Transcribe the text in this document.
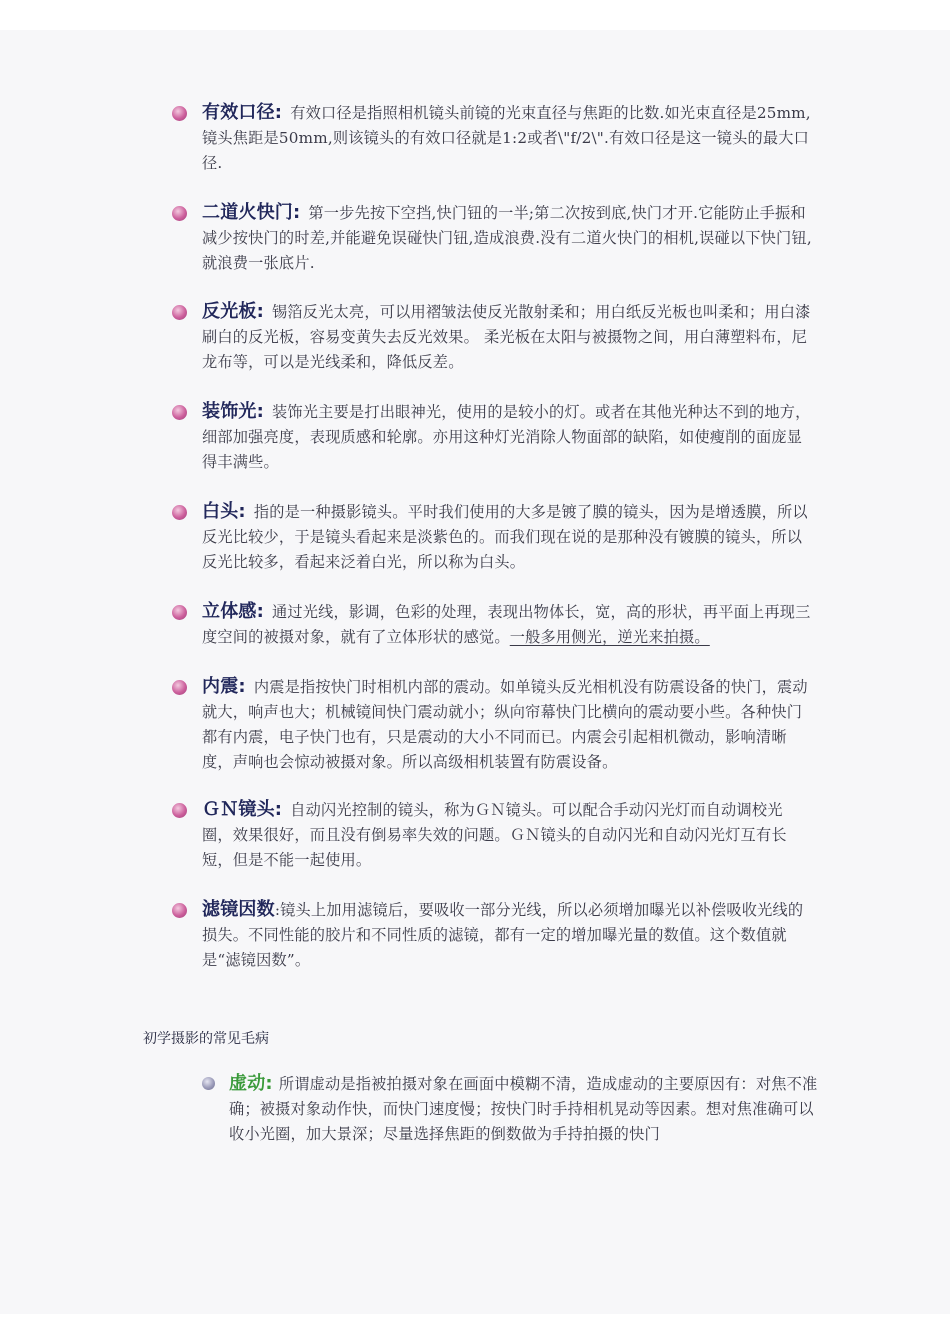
有效口径: 有效口径是指照相机镜头前镜的光束直径与焦距的比数.如光束直径是25mm,镜头焦距是50mm,则该镜头的有效口径就是1:2或者\"f/2\".有效口径是这一镜头的最大口径.
二道火快门: 第一步先按下空挡,快门钮的一半;第二次按到底,快门才开.它能防止手振和减少按快门的时差,并能避免误碰快门钮,造成浪费.没有二道火快门的相机,误碰以下快门钮,就浪费一张底片.
反光板: 锡箔反光太亮，可以用褶皱法使反光散射柔和；用白纸反光板也叫柔和；用白漆刷白的反光板，容易变黄失去反光效果。 柔光板在太阳与被摄物之间，用白薄塑料布，尼龙布等，可以是光线柔和，降低反差。
装饰光: 装饰光主要是打出眼神光，使用的是较小的灯。或者在其他光种达不到的地方，细部加强亮度，表现质感和轮廓。亦用这种灯光消除人物面部的缺陷，如使瘦削的面庞显得丰满些。
白头: 指的是一种摄影镜头。平时我们使用的大多是镀了膜的镜头，因为是增透膜，所以反光比较少，于是镜头看起来是淡紫色的。而我们现在说的是那种没有镀膜的镜头，所以反光比较多，看起来泛着白光，所以称为白头。
立体感: 通过光线，影调，色彩的处理，表现出物体长，宽，高的形状，再平面上再现三度空间的被摄对象，就有了立体形状的感觉。一般多用侧光，逆光来拍摄。
内震: 内震是指按快门时相机内部的震动。如单镜头反光相机没有防震设备的快门，震动就大，响声也大；机械镜间快门震动就小；纵向帘幕快门比横向的震动要小些。各种快门都有内震，电子快门也有，只是震动的大小不同而已。内震会引起相机微动，影响清晰度，声响也会惊动被摄对象。所以高级相机装置有防震设备。
ＧＮ镜头: 自动闪光控制的镜头，称为ＧＮ镜头。可以配合手动闪光灯而自动调校光圈，效果很好，而且没有倒易率失效的问题。ＧＮ镜头的自动闪光和自动闪光灯互有长短，但是不能一起使用。
滤镜因数:镜头上加用滤镜后，要吸收一部分光线，所以必须增加曝光以补偿吸收光线的损失。不同性能的胶片和不同性质的滤镜，都有一定的增加曝光量的数值。这个数值就是“滤镜因数”。
初学摄影的常见毛病
虚动: 所谓虚动是指被拍摄对象在画面中模糊不清，造成虚动的主要原因有：对焦不准确；被摄对象动作快，而快门速度慢；按快门时手持相机晃动等因素。想对焦准确可以收小光圈，加大景深；尽量选择焦距的倒数做为手持拍摄的快门
